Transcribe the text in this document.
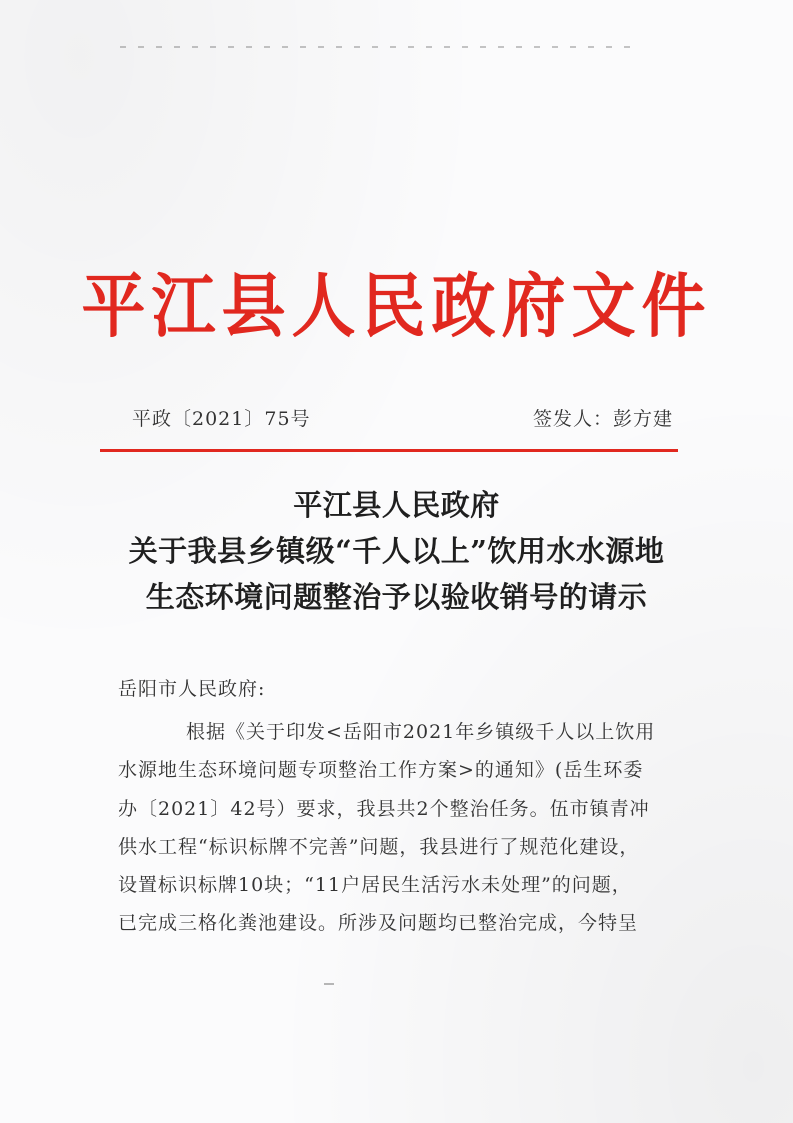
平江县人民政府文件
平政〔2021〕75号	签发人：彭方建
平江县人民政府
关于我县乡镇级“千人以上”饮用水水源地
生态环境问题整治予以验收销号的请示
岳阳市人民政府:
根据《关于印发<岳阳市2021年乡镇级千人以上饮用
水源地生态环境问题专项整治工作方案>的通知》(岳生环委
办〔2021〕42号）要求，我县共2个整治任务。伍市镇青冲
供水工程“标识标牌不完善”问题，我县进行了规范化建设，
设置标识标牌10块；“11户居民生活污水未处理”的问题，
已完成三格化粪池建设。所涉及问题均已整治完成，今特呈
